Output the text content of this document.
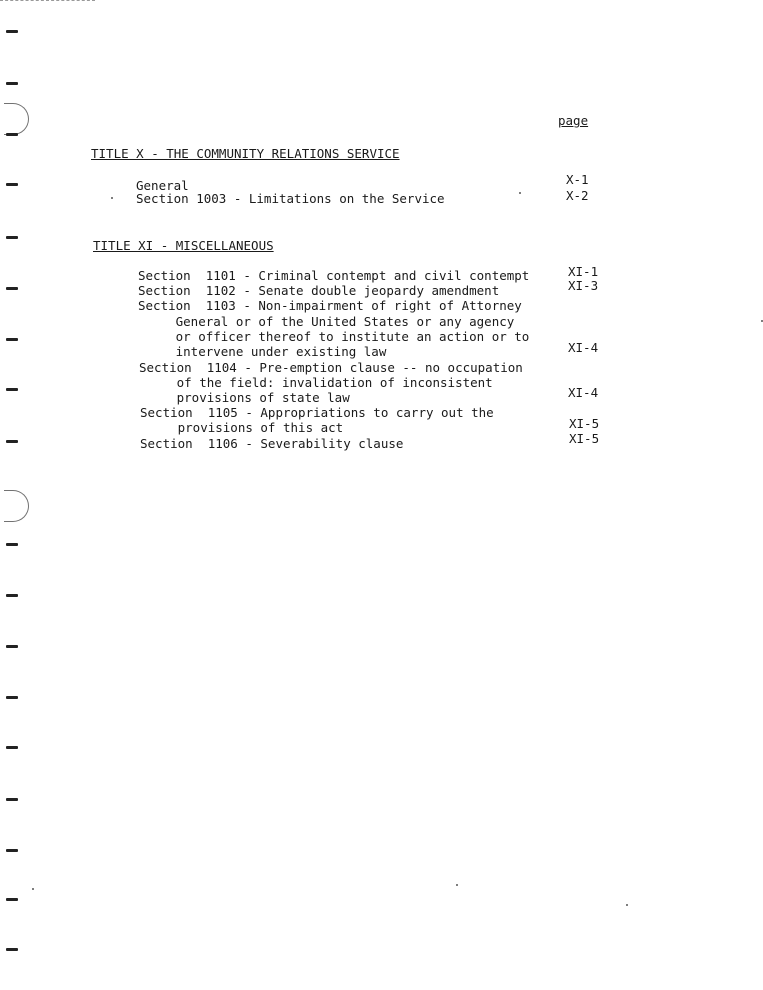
page
TITLE X - THE COMMUNITY RELATIONS SERVICE
General	X-1
Section 1003 - Limitations on the Service	X-2
TITLE XI - MISCELLANEOUS
Section  1101 - Criminal contempt and civil contempt	XI-1
Section  1102 - Senate double jeopardy amendment	XI-3
Section  1103 - Non-impairment of right of Attorney
General or of the United States or any agency
or officer thereof to institute an action or to
intervene under existing law	XI-4
Section  1104 - Pre-emption clause -- no occupation
of the field: invalidation of inconsistent
provisions of state law	XI-4
Section  1105 - Appropriations to carry out the
provisions of this act	XI-5
Section  1106 - Severability clause	XI-5
